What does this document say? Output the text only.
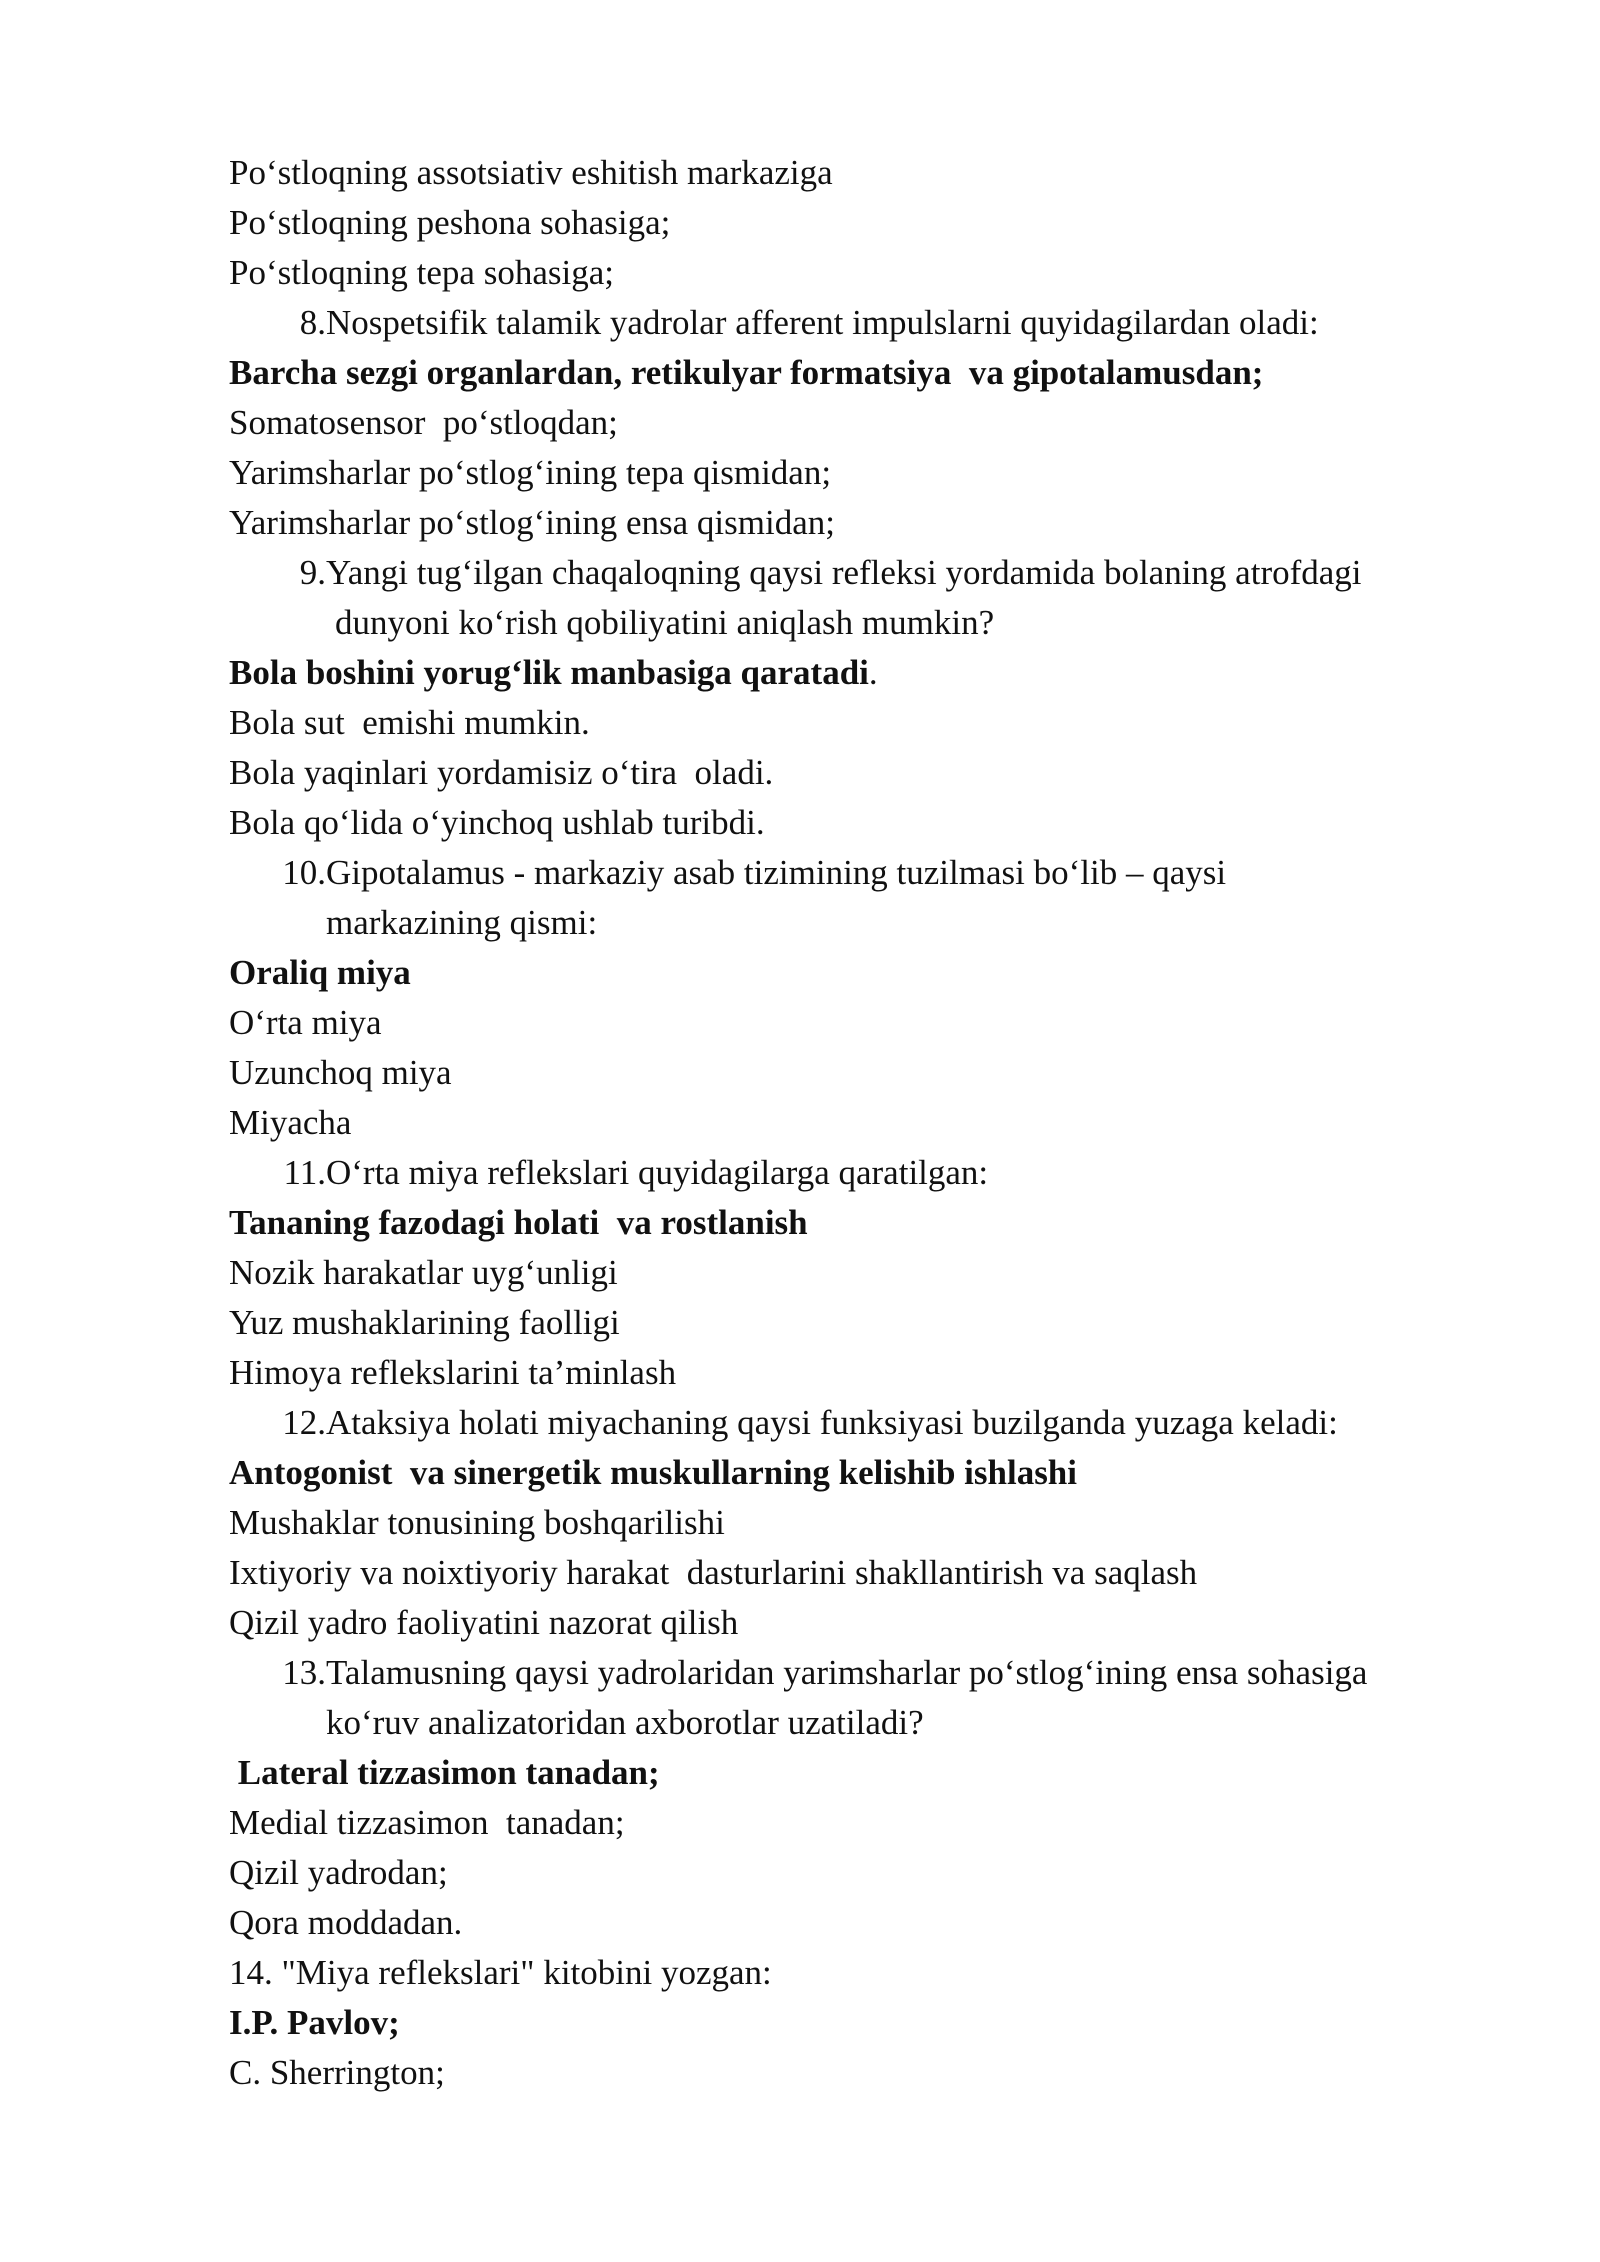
Po‘stloqning assotsiativ eshitish markaziga

Po‘stloqning peshona sohasiga;

Po‘stloqning tepa sohasiga;

8. Nospetsifik talamik yadrolar afferent impulslarni quyidagilardan oladi:

Barcha sezgi organlardan, retikulyar formatsiya  va gipotalamusdan;

Somatosensor  po‘stloqdan;

Yarimsharlar po‘stlog‘ining tepa qismidan;

Yarimsharlar po‘stlog‘ining ensa qismidan;

9. Yangi tug‘ilgan chaqaloqning qaysi refleksi yordamida bolaning atrofdagi dunyoni ko‘rish qobiliyatini aniqlash mumkin?

Bola boshini yorug‘lik manbasiga qaratadi.

Bola sut  emishi mumkin.

Bola yaqinlari yordamisiz o‘tira  oladi.

Bola qo‘lida o‘yinchoq ushlab turibdi.

10. Gipotalamus - markaziy asab tizimining tuzilmasi bo‘lib – qaysi markazining qismi:

Oraliq miya

O‘rta miya

Uzunchoq miya

Miyacha

11. O‘rta miya reflekslari quyidagilarga qaratilgan:

Tananing fazodagi holati  va rostlanish

Nozik harakatlar uyg‘unligi

Yuz mushaklarining faolligi

Himoya reflekslarini ta’minlash

12. Ataksiya holati miyachaning qaysi funksiyasi buzilganda yuzaga keladi:

Antogonist  va sinergetik muskullarning kelishib ishlashi

Mushaklar tonusining boshqarilishi

Ixtiyoriy va noixtiyoriy harakat  dasturlarini shakllantirish va saqlash

Qizil yadro faoliyatini nazorat qilish

13. Talamusning qaysi yadrolaridan yarimsharlar po‘stlog‘ining ensa sohasiga ko‘ruv analizatoridan axborotlar uzatiladi?

Lateral tizzasimon tanadan;

Medial tizzasimon  tanadan;

Qizil yadrodan;

Qora moddadan.

14. "Miya reflekslari" kitobini yozgan:

I.P. Pavlov;

C. Sherrington;
